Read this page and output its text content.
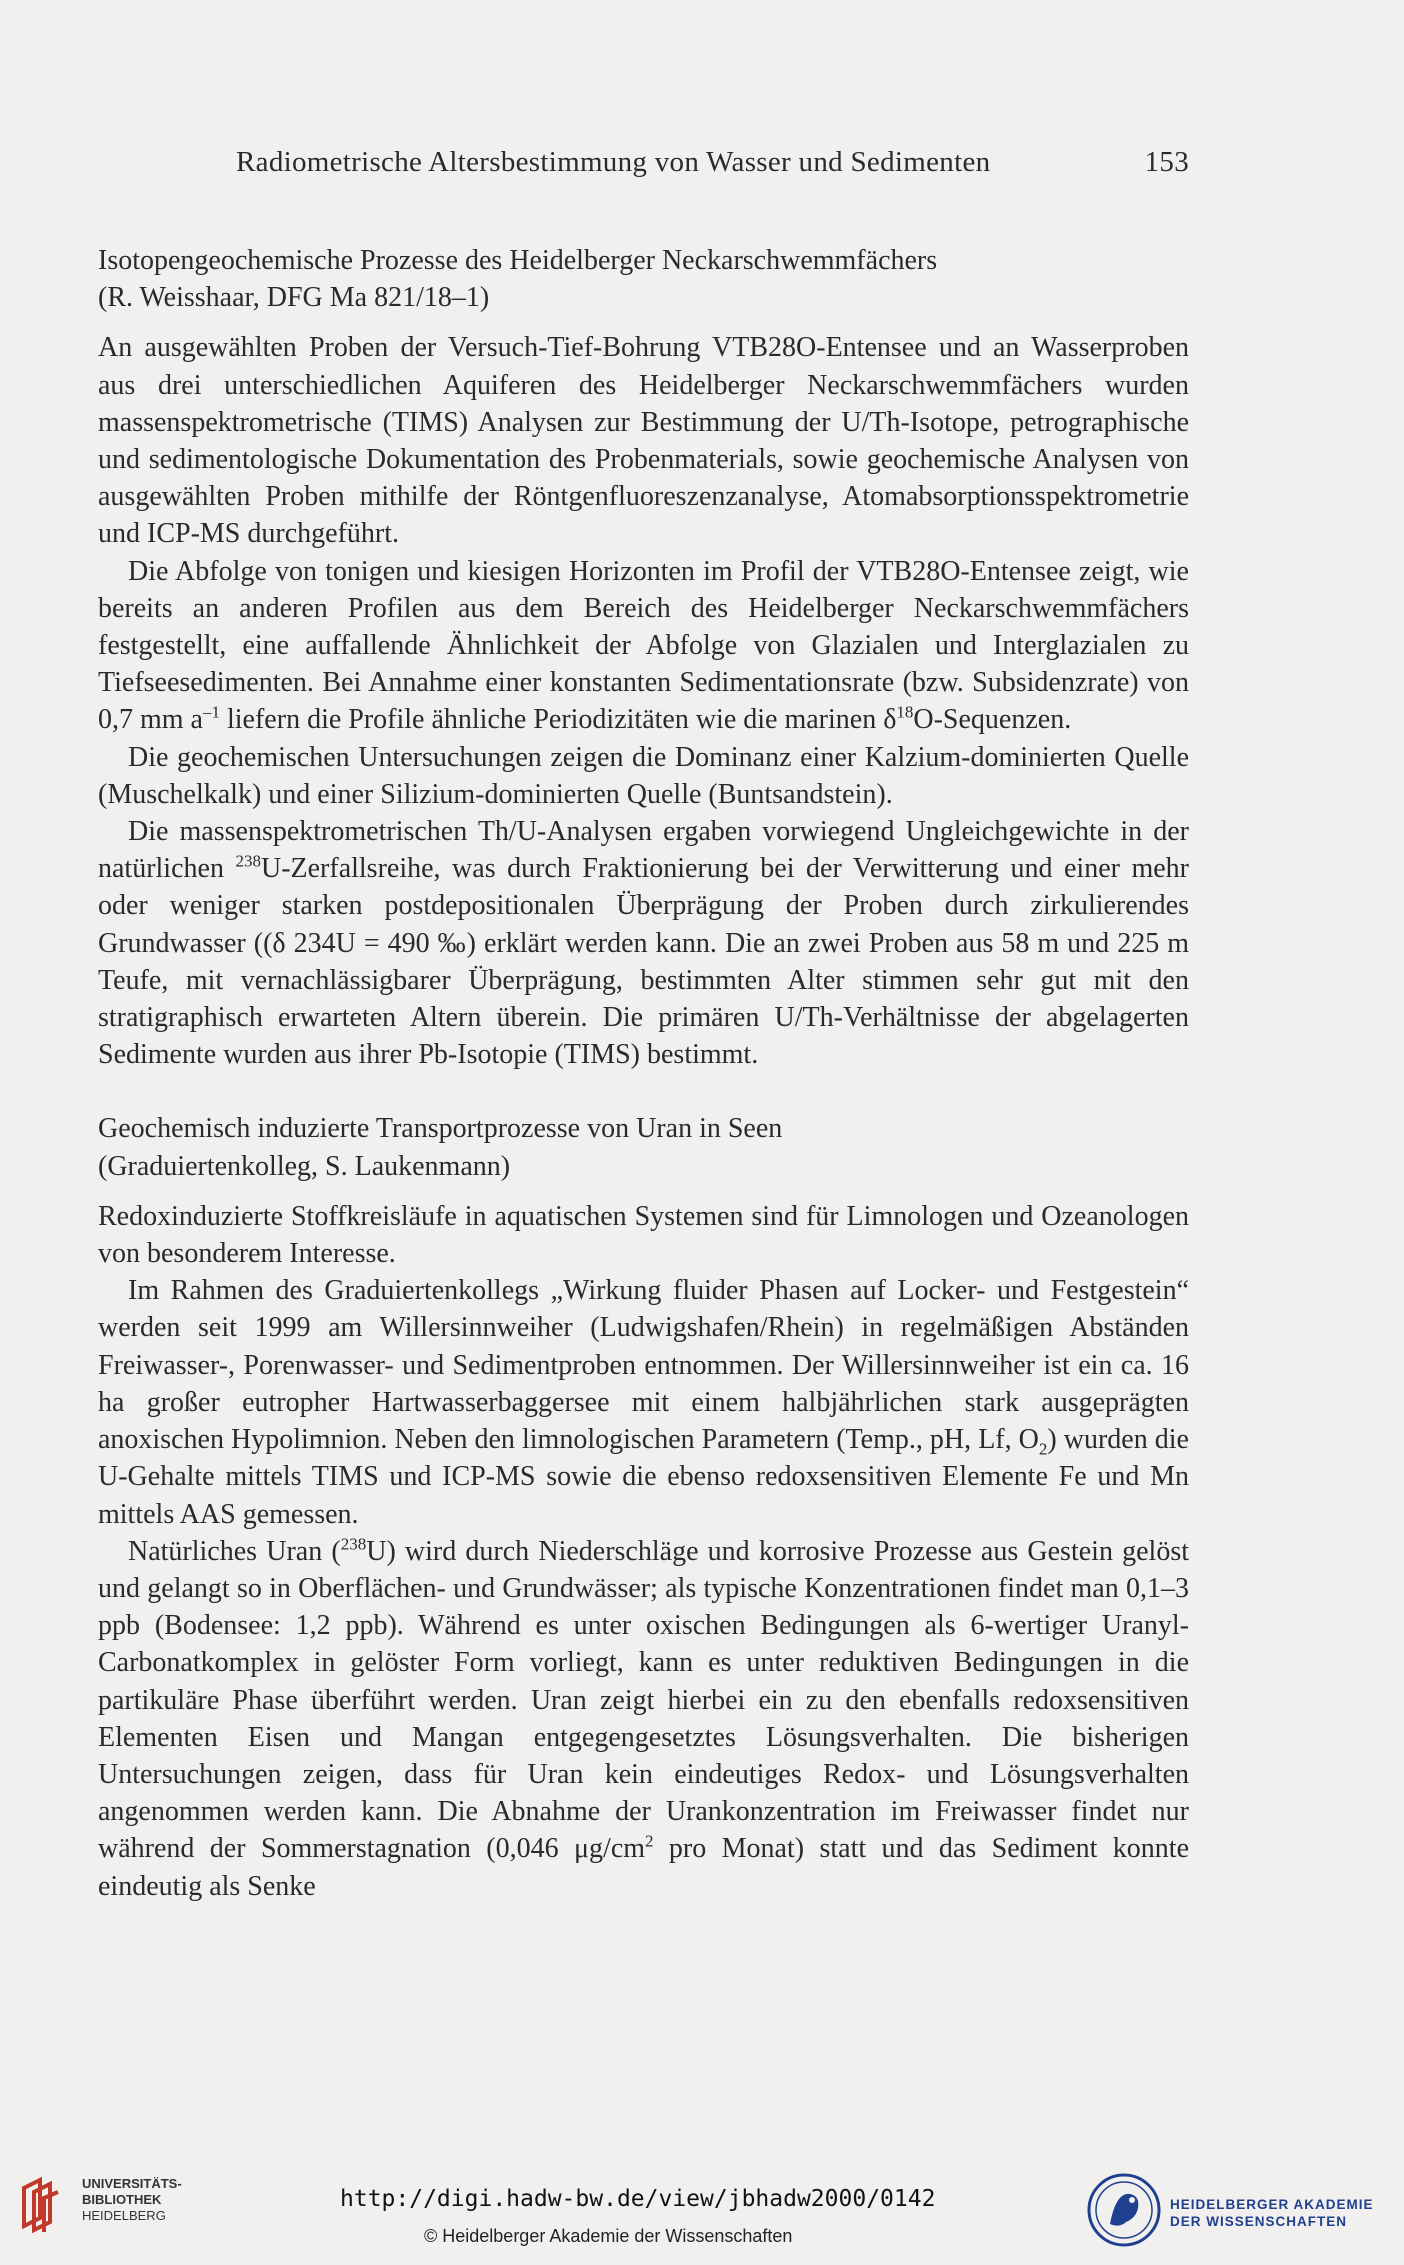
Radiometrische Altersbestimmung von Wasser und Sedimenten	153

Isotopengeochemische Prozesse des Heidelberger Neckarschwemmfächers
(R. Weisshaar, DFG Ma 821/18–1)

An ausgewählten Proben der Versuch-Tief-Bohrung VTB28O-Entensee und an Wasserproben aus drei unterschiedlichen Aquiferen des Heidelberger Neckarschwemmfächers wurden massenspektrometrische (TIMS) Analysen zur Bestimmung der U/Th-Isotope, petrographische und sedimentologische Dokumentation des Probenmaterials, sowie geochemische Analysen von ausgewählten Proben mithilfe der Röntgenfluoreszenzanalyse, Atomabsorptionsspektrometrie und ICP-MS durchgeführt.

Die Abfolge von tonigen und kiesigen Horizonten im Profil der VTB28O-Entensee zeigt, wie bereits an anderen Profilen aus dem Bereich des Heidelberger Neckarschwemmfächers festgestellt, eine auffallende Ähnlichkeit der Abfolge von Glazialen und Interglazialen zu Tiefseesedimenten. Bei Annahme einer konstanten Sedimentationsrate (bzw. Subsidenzrate) von 0,7 mm $a^{-1}$ liefern die Profile ähnliche Periodizitäten wie die marinen $\delta^{18}O$-Sequenzen.

Die geochemischen Untersuchungen zeigen die Dominanz einer Kalzium-dominierten Quelle (Muschelkalk) und einer Silizium-dominierten Quelle (Buntsandstein).

Die massenspektrometrischen Th/U-Analysen ergaben vorwiegend Ungleichgewichte in der natürlichen $^{238}$U-Zerfallsreihe, was durch Fraktionierung bei der Verwitterung und einer mehr oder weniger starken postdepositionalen Überprägung der Proben durch zirkulierendes Grundwasser ((δ 234U = 490 ‰) erklärt werden kann. Die an zwei Proben aus 58 m und 225 m Teufe, mit vernachlässigbarer Überprägung, bestimmten Alter stimmen sehr gut mit den stratigraphisch erwarteten Altern überein. Die primären U/Th-Verhältnisse der abgelagerten Sedimente wurden aus ihrer Pb-Isotopie (TIMS) bestimmt.

Geochemisch induzierte Transportprozesse von Uran in Seen
(Graduiertenkolleg, S. Laukenmann)

Redoxinduzierte Stoffkreisläufe in aquatischen Systemen sind für Limnologen und Ozeanologen von besonderem Interesse.

Im Rahmen des Graduiertenkollegs „Wirkung fluider Phasen auf Locker- und Festgestein“ werden seit 1999 am Willersinnweiher (Ludwigshafen/Rhein) in regelmäßigen Abständen Freiwasser-, Porenwasser- und Sedimentproben entnommen. Der Willersinnweiher ist ein ca. 16 ha großer eutropher Hartwasserbaggersee mit einem halbjährlichen stark ausgeprägten anoxischen Hypolimnion. Neben den limnologischen Parametern (Temp., pH, Lf, $O_2$) wurden die U-Gehalte mittels TIMS und ICP-MS sowie die ebenso redoxsensitiven Elemente Fe und Mn mittels AAS gemessen.

Natürliches Uran ($^{238}$U) wird durch Niederschläge und korrosive Prozesse aus Gestein gelöst und gelangt so in Oberflächen- und Grundwässer; als typische Konzentrationen findet man 0,1–3 ppb (Bodensee: 1,2 ppb). Während es unter oxischen Bedingungen als 6-wertiger Uranyl-Carbonatkomplex in gelöster Form vorliegt, kann es unter reduktiven Bedingungen in die partikuläre Phase überführt werden. Uran zeigt hierbei ein zu den ebenfalls redoxsensitiven Elementen Eisen und Mangan entgegengesetztes Lösungsverhalten. Die bisherigen Untersuchungen zeigen, dass für Uran kein eindeutiges Redox- und Lösungsverhalten angenommen werden kann. Die Abnahme der Urankonzentration im Freiwasser findet nur während der Sommerstagnation (0,046 $\mu g/cm^2$ pro Monat) statt und das Sediment konnte eindeutig als Senke

UNIVERSITÄTS-
BIBLIOTHEK
HEIDELBERG
http://digi.hadw-bw.de/view/jbhadw2000/0142
© Heidelberger Akademie der Wissenschaften
HEIDELBERGER AKADEMIE
DER WISSENSCHAFTEN
